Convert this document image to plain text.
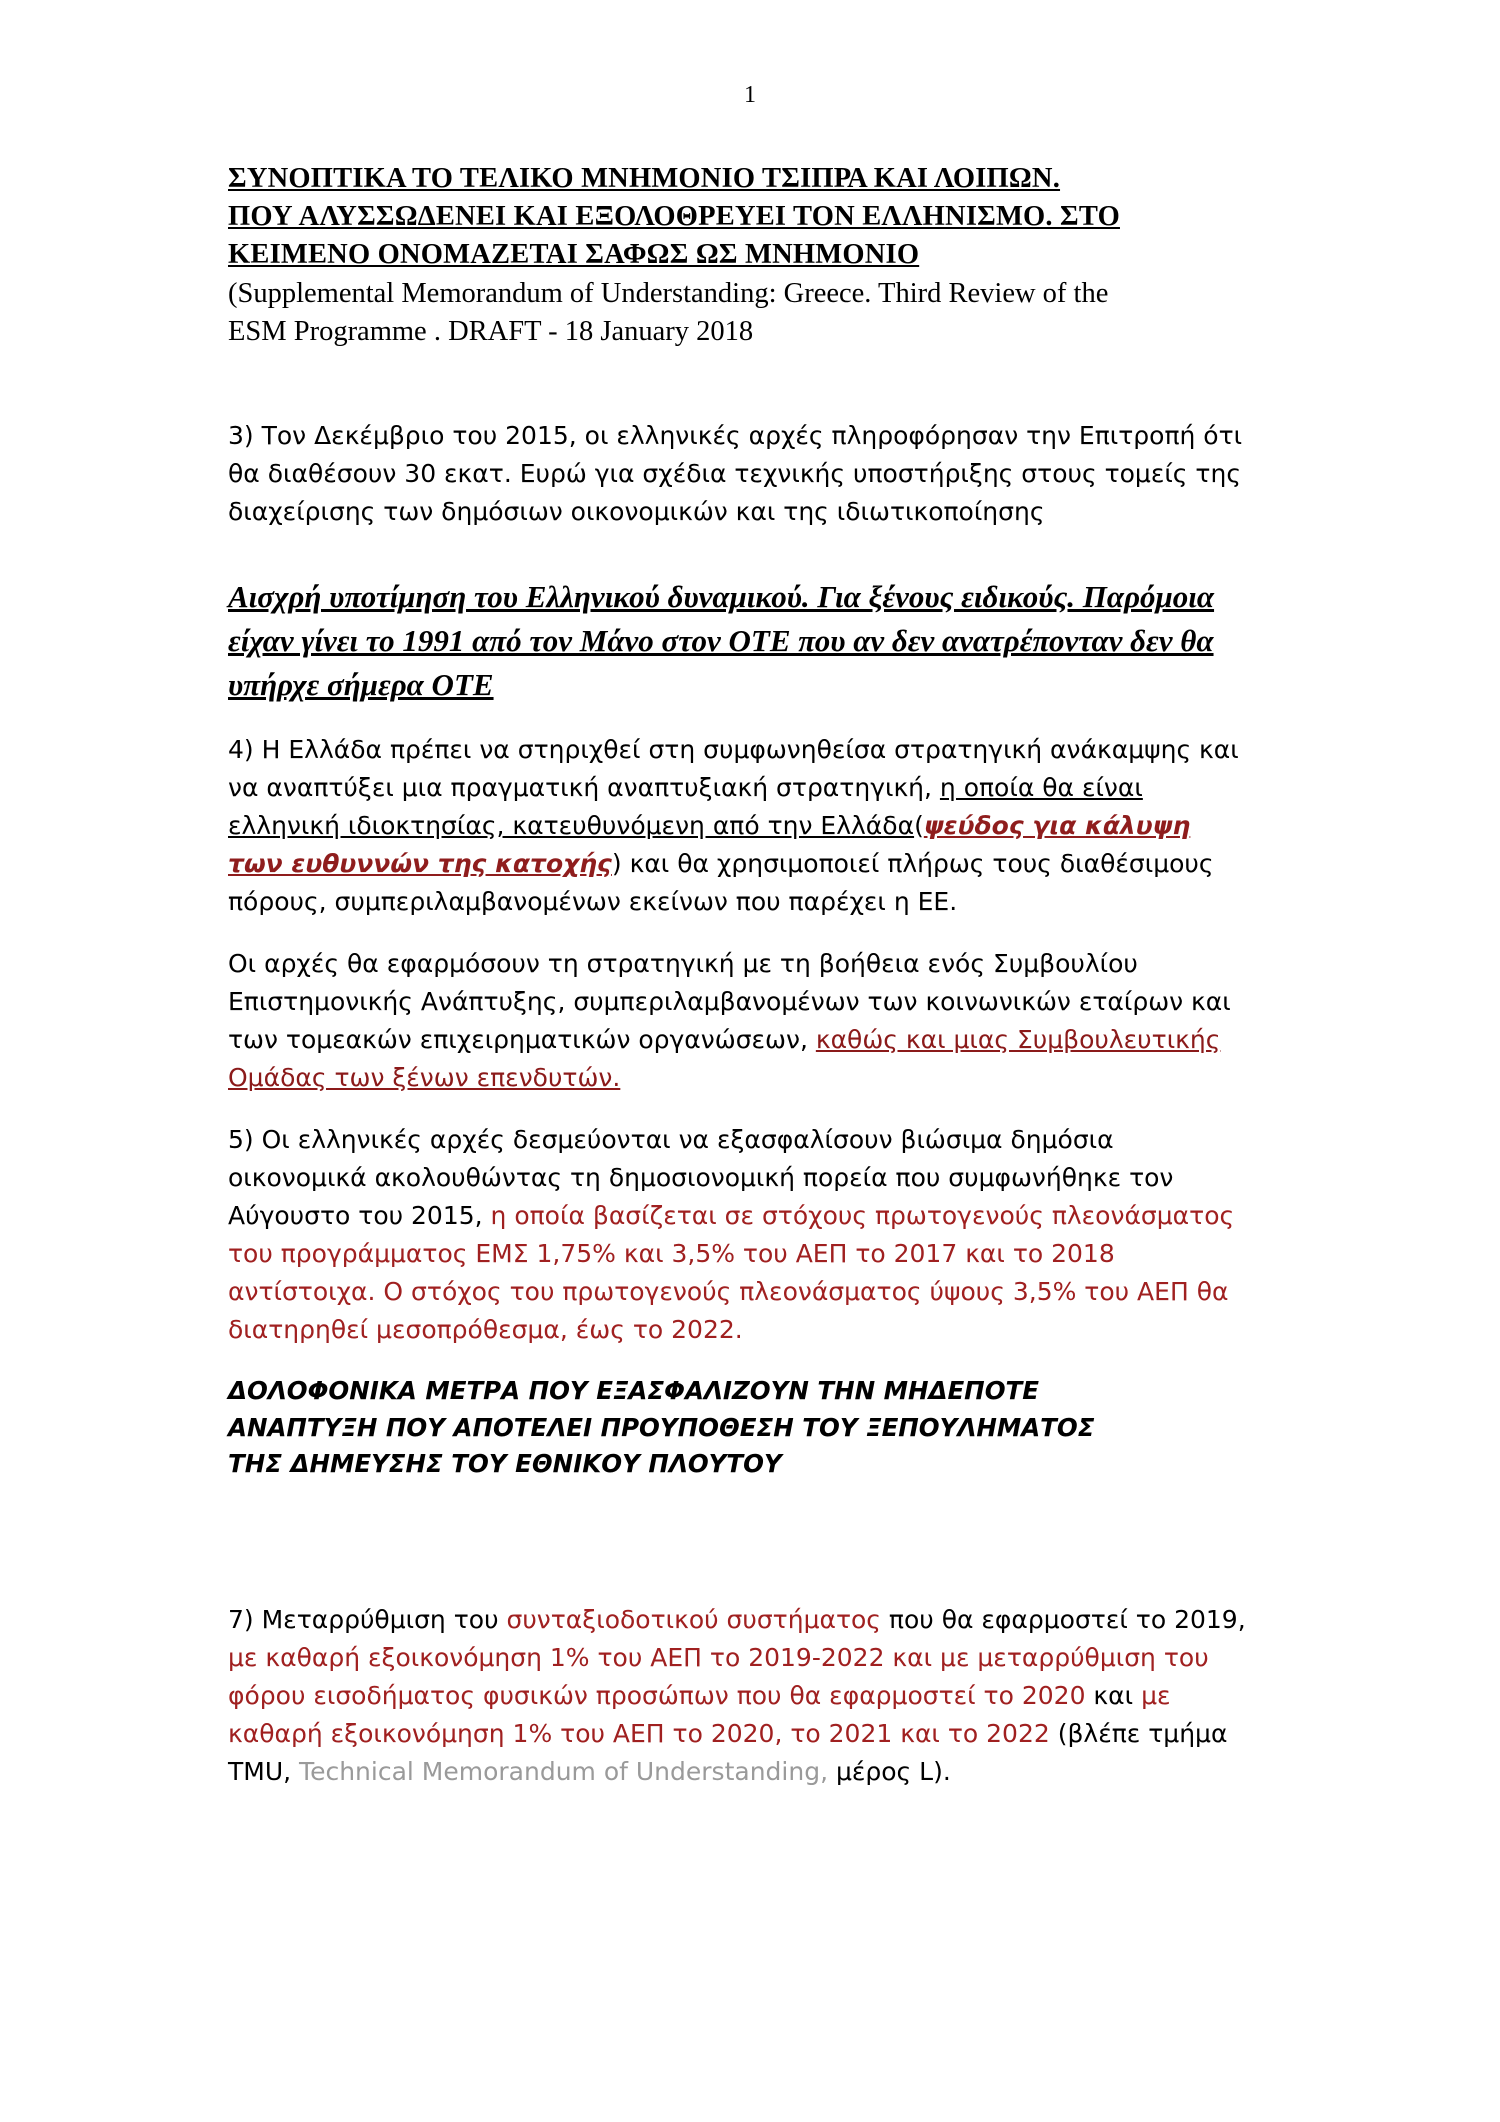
1

ΣΥΝΟΠΤΙΚΑ ΤΟ ΤΕΛΙΚΟ ΜΝΗΜΟΝΙΟ ΤΣΙΠΡΑ ΚΑΙ ΛΟΙΠΩΝ.
ΠΟΥ ΑΛΥΣΣΩΔΕΝΕΙ ΚΑΙ ΕΞΟΛΟΘΡΕΥΕΙ ΤΟΝ ΕΛΛΗΝΙΣΜΟ. ΣΤΟ
ΚΕΙΜΕΝΟ ΟΝΟΜΑΖΕΤΑΙ ΣΑΦΩΣ ΩΣ ΜΝΗΜΟΝΙΟ

(Supplemental Memorandum of Understanding: Greece. Third Review of the
ESM Programme . DRAFT - 18 January 2018

3) Τον Δεκέμβριο του 2015, οι ελληνικές αρχές πληροφόρησαν την Επιτροπή ότι θα διαθέσουν 30 εκατ. Ευρώ για σχέδια τεχνικής υποστήριξης στους τομείς της διαχείρισης των δημόσιων οικονομικών και της ιδιωτικοποίησης

Αισχρή υποτίμηση του Ελληνικού δυναμικού. Για ξένους ειδικούς. Παρόμοια είχαν γίνει το 1991 από τον Μάνο στον ΟΤΕ που αν δεν ανατρέπονταν δεν θα υπήρχε σήμερα ΟΤΕ

4) Η Ελλάδα πρέπει να στηριχθεί στη συμφωνηθείσα στρατηγική ανάκαμψης και να αναπτύξει μια πραγματική αναπτυξιακή στρατηγική, η οποία θα είναι ελληνική ιδιοκτησίας, κατευθυνόμενη από την Ελλάδα(ψεύδος για κάλυψη των ευθυννών της κατοχής) και θα χρησιμοποιεί πλήρως τους διαθέσιμους πόρους, συμπεριλαμβανομένων εκείνων που παρέχει η ΕΕ.

Οι αρχές θα εφαρμόσουν τη στρατηγική με τη βοήθεια ενός Συμβουλίου Επιστημονικής Ανάπτυξης, συμπεριλαμβανομένων των κοινωνικών εταίρων και των τομεακών επιχειρηματικών οργανώσεων, καθώς και μιας Συμβουλευτικής Ομάδας των ξένων επενδυτών.

5) Οι ελληνικές αρχές δεσμεύονται να εξασφαλίσουν βιώσιμα δημόσια οικονομικά ακολουθώντας τη δημοσιονομική πορεία που συμφωνήθηκε τον Αύγουστο του 2015, η οποία βασίζεται σε στόχους πρωτογενούς πλεονάσματος του προγράμματος ΕΜΣ 1,75% και 3,5% του ΑΕΠ το 2017 και το 2018 αντίστοιχα. Ο στόχος του πρωτογενούς πλεονάσματος ύψους 3,5% του ΑΕΠ θα διατηρηθεί μεσοπρόθεσμα, έως το 2022.

ΔΟΛΟΦΟΝΙΚΑ ΜΕΤΡΑ ΠΟΥ ΕΞΑΣΦΑΛΙΖΟΥΝ ΤΗΝ ΜΗΔΕΠΟΤΕ
ΑΝΑΠΤΥΞΗ ΠΟΥ ΑΠΟΤΕΛΕΙ ΠΡΟΥΠΟΘΕΣΗ ΤΟΥ ΞΕΠΟΥΛΗΜΑΤΟΣ
ΤΗΣ ΔΗΜΕΥΣΗΣ ΤΟΥ ΕΘΝΙΚΟΥ ΠΛΟΥΤΟΥ

7) Μεταρρύθμιση του συνταξιοδοτικού συστήματος που θα εφαρμοστεί το 2019, με καθαρή εξοικονόμηση 1% του ΑΕΠ το 2019-2022 και με μεταρρύθμιση του φόρου εισοδήματος φυσικών προσώπων που θα εφαρμοστεί το 2020 και με καθαρή εξοικονόμηση 1% του ΑΕΠ το 2020, το 2021 και το 2022 (βλέπε τμήμα TMU, Technical Memorandum of Understanding, μέρος L).
